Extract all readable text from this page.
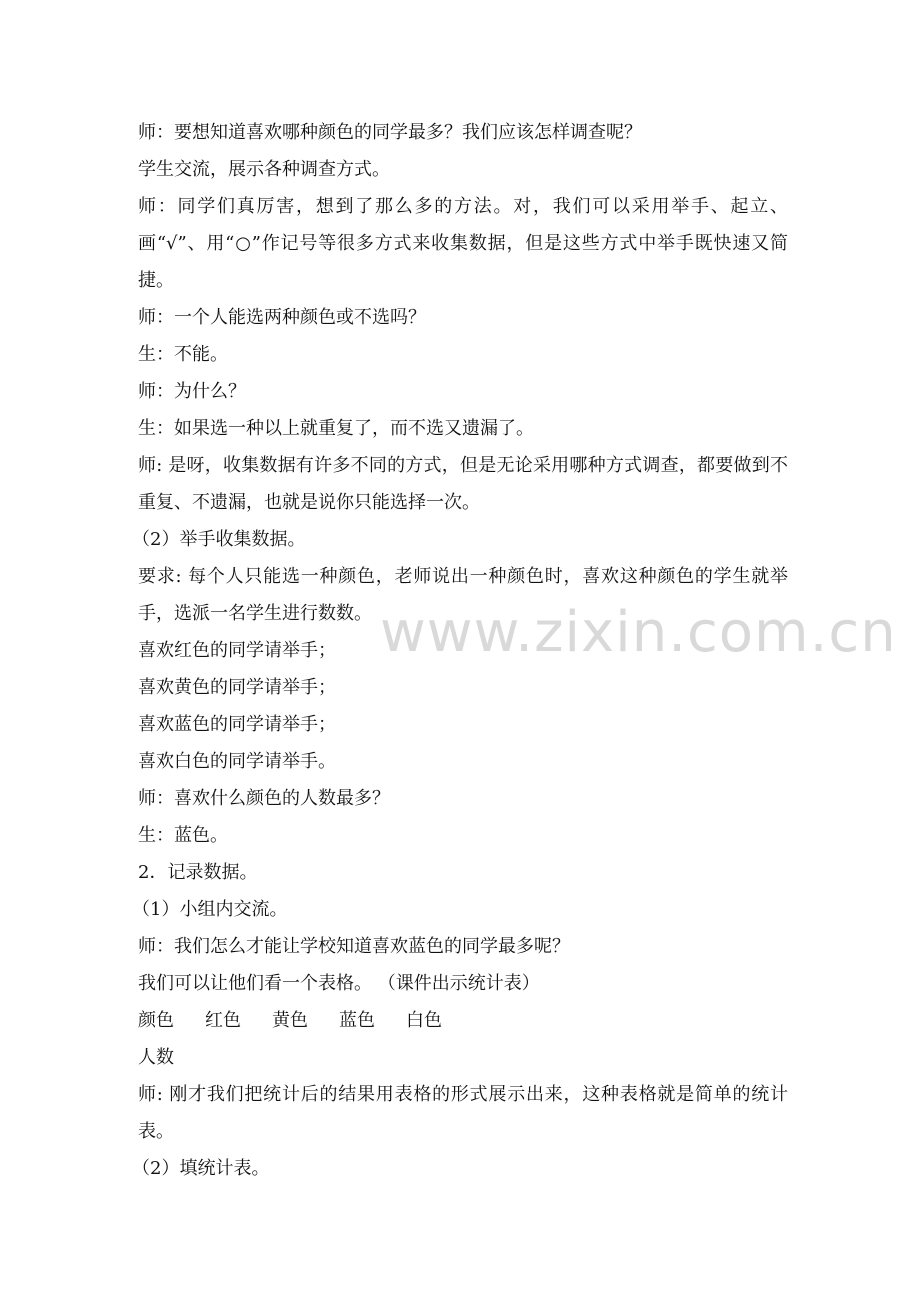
师：要想知道喜欢哪种颜色的同学最多？我们应该怎样调查呢？
学生交流，展示各种调查方式。
师：同学们真厉害，想到了那么多的方法。对，我们可以采用举手、起立、画“√”、用“○”作记号等很多方式来收集数据，但是这些方式中举手既快速又简捷。
师：一个人能选两种颜色或不选吗？
生：不能。
师：为什么？
生：如果选一种以上就重复了，而不选又遗漏了。
师: 是呀，收集数据有许多不同的方式，但是无论采用哪种方式调查，都要做到不重复、不遗漏，也就是说你只能选择一次。
（2）举手收集数据。
要求: 每个人只能选一种颜色，老师说出一种颜色时，喜欢这种颜色的学生就举手，选派一名学生进行数数。
喜欢红色的同学请举手；
喜欢黄色的同学请举手；
喜欢蓝色的同学请举手；
喜欢白色的同学请举手。
师：喜欢什么颜色的人数最多？
生：蓝色。
2．记录数据。
（1）小组内交流。
师：我们怎么才能让学校知道喜欢蓝色的同学最多呢？
我们可以让他们看一个表格。 （课件出示统计表）
颜色 红色 黄色 蓝色 白色
人数
师: 刚才我们把统计后的结果用表格的形式展示出来，这种表格就是简单的统计表。
（2）填统计表。
www.zixin.com.cn
